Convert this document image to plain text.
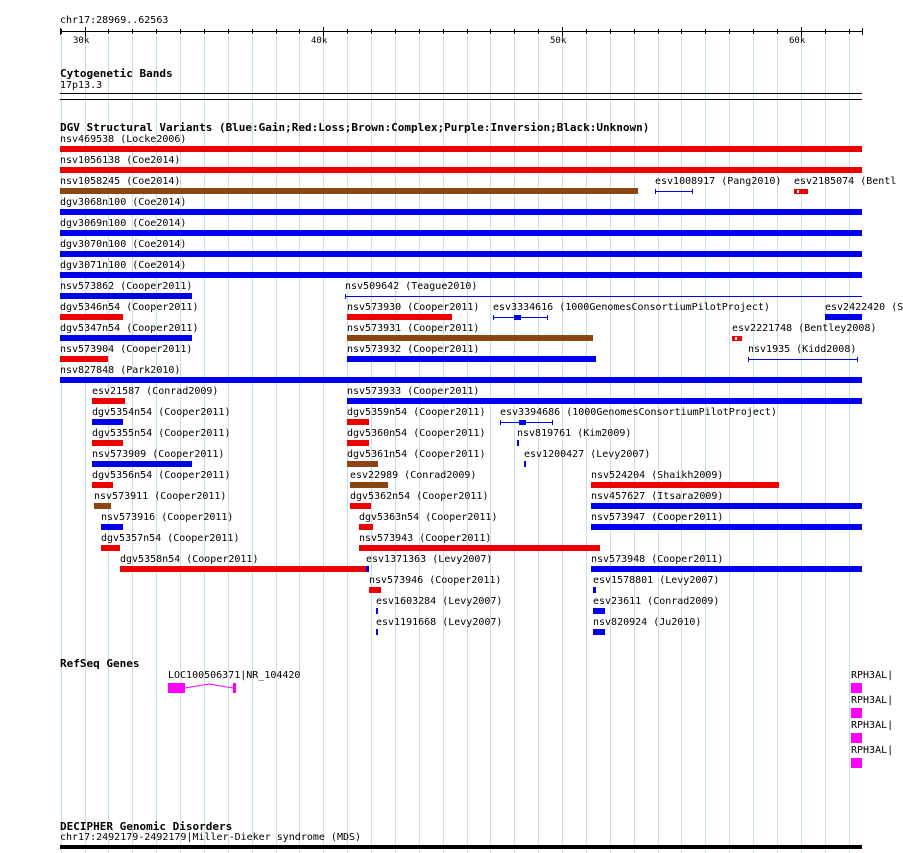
chr17:28969..62563
30k	40k	50k	60k
Cytogenetic Bands
17p13.3
DGV Structural Variants (Blue:Gain;Red:Loss;Brown:Complex;Purple:Inversion;Black:Unknown)
nsv469538 (Locke2006)
nsv1056138 (Coe2014)
nsv1058245 (Coe2014)	esv1008917 (Pang2010) esv2185074 (Bentl
dgv3068n100 (Coe2014)
dgv3069n100 (Coe2014)
dgv3070n100 (Coe2014)
dgv3071n100 (Coe2014)
nsv573862 (Cooper2011)	nsv509642 (Teague2010)
dgv5346n54 (Cooper2011)	nsv573930 (Cooper2011) esv3334616 (1000GenomesConsortiumPilotProject)	esv2422420 (S
dgv5347n54 (Cooper2011)	nsv573931 (Cooper2011)	esv2221748 (Bentley2008)
nsv573904 (Cooper2011)	nsv573932 (Cooper2011)	nsv1935 (Kidd2008)
nsv827848 (Park2010)
esv21587 (Conrad2009)	nsv573933 (Cooper2011)
dgv5354n54 (Cooper2011)	dgv5359n54 (Cooper2011) esv3394686 (1000GenomesConsortiumPilotProject)
dgv5355n54 (Cooper2011)	dgv5360n54 (Cooper2011)	nsv819761 (Kim2009)
nsv573909 (Cooper2011)	dgv5361n54 (Cooper2011)	esv1200427 (Levy2007)
dgv5356n54 (Cooper2011)	esv22989 (Conrad2009)	nsv524204 (Shaikh2009)
nsv573911 (Cooper2011)	dgv5362n54 (Cooper2011)	nsv457627 (Itsara2009)
nsv573916 (Cooper2011)	dgv5363n54 (Cooper2011)	nsv573947 (Cooper2011)
dgv5357n54 (Cooper2011)	nsv573943 (Cooper2011)
dgv5358n54 (Cooper2011)	esv1371363 (Levy2007)	nsv573948 (Cooper2011)
nsv573946 (Cooper2011)	esv1578801 (Levy2007)
esv1603284 (Levy2007)	esv23611 (Conrad2009)
esv1191668 (Levy2007)	nsv820924 (Ju2010)
RefSeq Genes
LOC100506371|NR_104420	RPH3AL|
RPH3AL|
RPH3AL|
RPH3AL|
DECIPHER Genomic Disorders
chr17:2492179-2492179|Miller-Dieker syndrome (MDS)
